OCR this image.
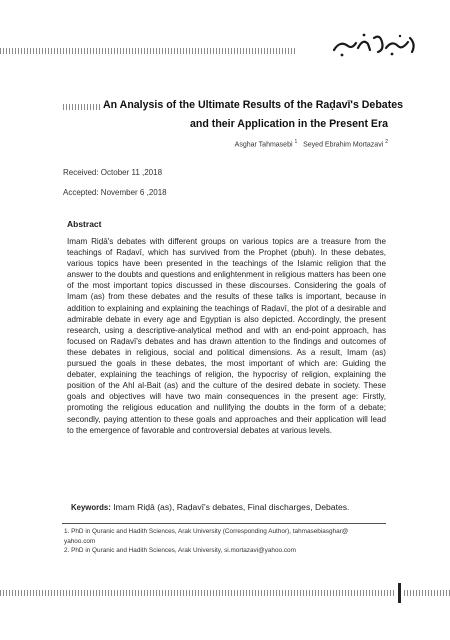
An Analysis of the Ultimate Results of the Raḍavī's Debates
and their Application in the Present Era
Asghar Tahmasebi $^1$ Seyed Ebrahim Mortazavi $^2$
Received: October 11 ,2018
Accepted: November 6 ,2018
Abstract

Imam Riḍā's debates with different groups on various topics are a treasure from the teachings of Raḍavī, which has survived from the Prophet (pbuh). In these debates, various topics have been presented in the teachings of the Islamic religion that the answer to the doubts and questions and enlightenment in religious matters has been one of the most important topics discussed in these discourses. Considering the goals of Imam (as) from these debates and the results of these talks is important, because in addition to explaining and explaining the teachings of Raḍavī, the plot of a desirable and admirable debate in every age and Egyptian is also depicted. Accordingly, the present research, using a descriptive-analytical method and with an end-point approach, has focused on Raḍavī's debates and has drawn attention to the findings and outcomes of these debates in religious, social and political dimensions. As a result, Imam (as) pursued the goals in these debates, the most important of which are: Guiding the debater, explaining the teachings of religion, the hypocrisy of religion, explaining the position of the Ahl al-Bait (as) and the culture of the desired debate in society. These goals and objectives will have two main consequences in the present age: Firstly, promoting the religious education and nullifying the doubts in the form of a debate; secondly, paying attention to these goals and approaches and their application will lead to the emergence of favorable and controversial debates at various levels.

Keywords: Imam Riḍā (as), Raḍavī's debates, Final discharges, Debates.
1. PhD in Quranic and Hadith Sciences, Arak University (Corresponding Author), tahmasebiasghar@
yahoo.com
2. PhD in Quranic and Hadith Sciences, Arak University, si.mortazavi@yahoo.com
